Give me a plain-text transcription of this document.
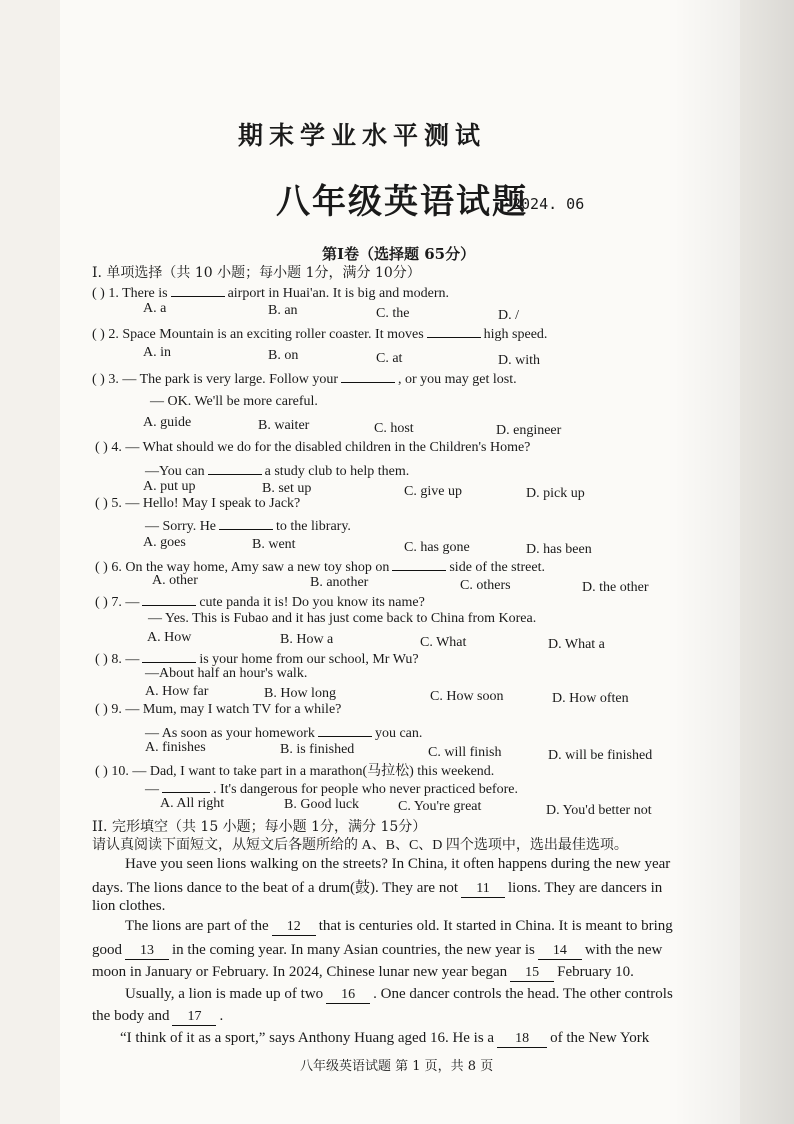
期末学业水平测试
八年级英语试题
2024. 06
第Ⅰ卷（选择题 65分）
I. 单项选择（共 10 小题；每小题 1分，满分 10分）
( ) 1. There is	airport in Huai'an. It is big and modern.
A. a	B. an	C. the	D. /
( ) 2. Space Mountain is an exciting roller coaster. It moves	high speed.
A. in	B. on	C. at	D. with
( ) 3. — The park is very large. Follow your	, or you may get lost.
— OK. We'll be more careful.
A. guide	B. waiter	C. host	D. engineer
( ) 4. — What should we do for the disabled children in the Children's Home?
—You can	a study club to help them.
A. put up	B. set up	C. give up	D. pick up
( ) 5. — Hello! May I speak to Jack?
— Sorry. He	to the library.
A. goes	B. went	C. has gone	D. has been
( ) 6. On the way home, Amy saw a new toy shop on	side of the street.
A. other	B. another	C. others	D. the other
( ) 7. —	cute panda it is! Do you know its name?
— Yes. This is Fubao and it has just come back to China from Korea.
A. How	B. How a	C. What	D. What a
( ) 8. —	is your home from our school, Mr Wu?
—About half an hour's walk.
A. How far	B. How long	C. How soon	D. How often
( ) 9. — Mum, may I watch TV for a while?
— As soon as your homework	you can.
A. finishes	B. is finished	C. will finish	D. will be finished
( ) 10. — Dad, I want to take part in a marathon(马拉松) this weekend.
—	. It's dangerous for people who never practiced before.
A. All right	B. Good luck	C. You're great	D. You'd better not
II. 完形填空（共 15 小题；每小题 1分，满分 15分）
请认真阅读下面短文，从短文后各题所给的 A、B、C、D 四个选项中，选出最佳选项。
Have you seen lions walking on the streets? In China, it often happens during the new year
days. The lions dance to the beat of a drum(鼓). They are not 11 lions. They are dancers in
lion clothes.
The lions are part of the 12 that is centuries old. It started in China. It is meant to bring
good 13 in the coming year. In many Asian countries, the new year is 14 with the new
moon in January or February. In 2024, Chinese lunar new year began 15 February 10.
Usually, a lion is made up of two 16 . One dancer controls the head. The other controls
the body and 17 .
“I think of it as a sport,” says Anthony Huang aged 16. He is a 18 of the New York
八年级英语试题 第 1 页，共 8 页
